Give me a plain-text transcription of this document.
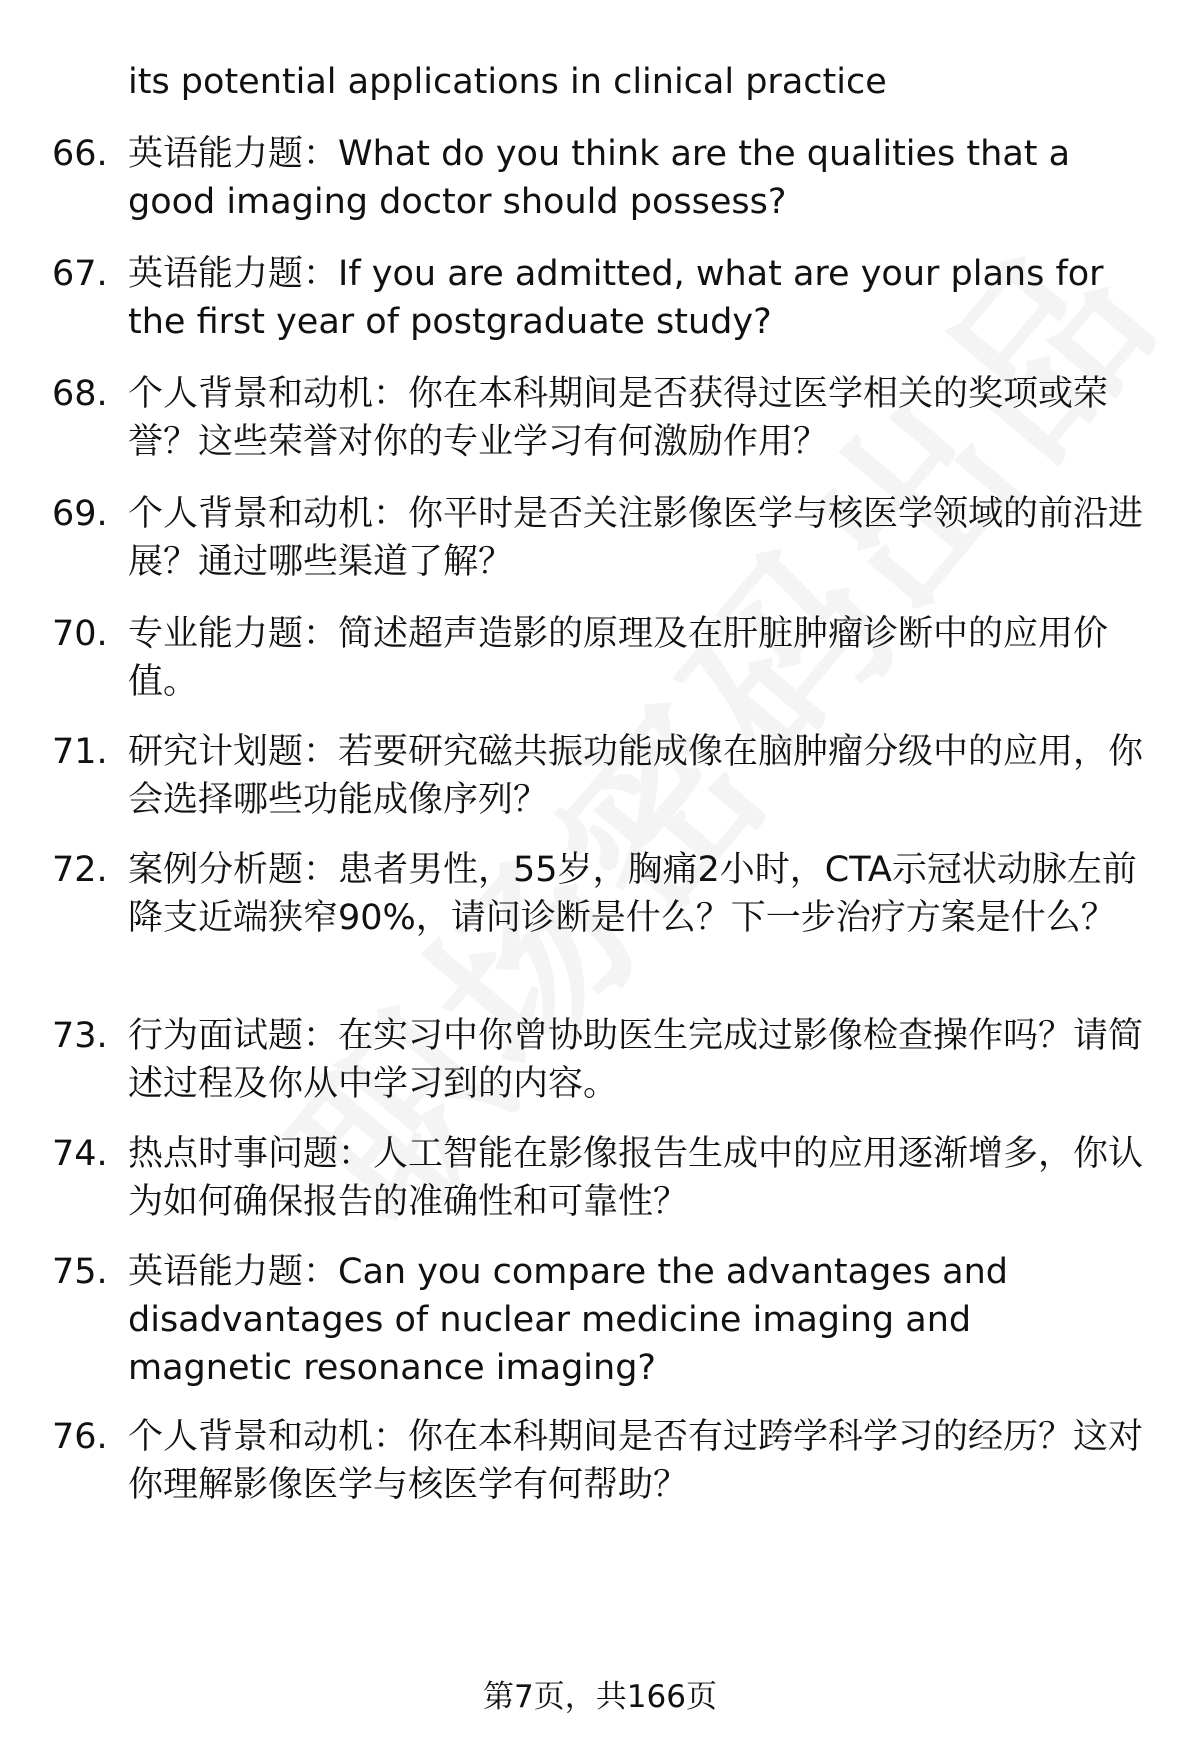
its potential applications in clinical practice
66. 英语能力题：What do you think are the qualities that a good imaging doctor should possess?
67. 英语能力题：If you are admitted, what are your plans for the first year of postgraduate study?
68. 个人背景和动机：你在本科期间是否获得过医学相关的奖项或荣誉？这些荣誉对你的专业学习有何激励作用？
69. 个人背景和动机：你平时是否关注影像医学与核医学领域的前沿进展？通过哪些渠道了解？
70. 专业能力题：简述超声造影的原理及在肝脏肿瘤诊断中的应用价值。
71. 研究计划题：若要研究磁共振功能成像在脑肿瘤分级中的应用，你会选择哪些功能成像序列？
72. 案例分析题：患者男性，55岁，胸痛2小时，CTA示冠状动脉左前降支近端狭窄90%，请问诊断是什么？下一步治疗方案是什么？
73. 行为面试题：在实习中你曾协助医生完成过影像检查操作吗？请简述过程及你从中学习到的内容。
74. 热点时事问题：人工智能在影像报告生成中的应用逐渐增多，你认为如何确保报告的准确性和可靠性？
75. 英语能力题：Can you compare the advantages and disadvantages of nuclear medicine imaging and magnetic resonance imaging?
76. 个人背景和动机：你在本科期间是否有过跨学科学习的经历？这对你理解影像医学与核医学有何帮助？
第7页，共166页
